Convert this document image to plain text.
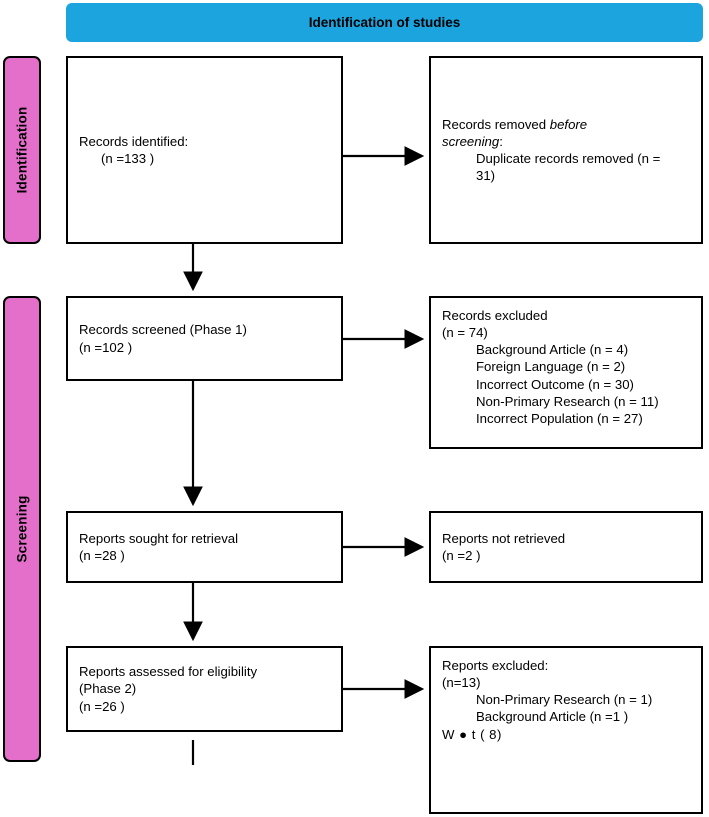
Identification of studies
Identification
Screening
Records identified:
(n =133 )
Records removed before
screening:
Duplicate records removed (n =
31)
Records screened (Phase 1)
(n =102 )
Records excluded
(n = 74)
Background Article (n = 4)
Foreign Language (n = 2)
Incorrect Outcome (n = 30)
Non-Primary Research (n = 11)
Incorrect Population (n = 27)
Reports sought for retrieval
(n =28 )
Reports not retrieved
(n =2 )
Reports assessed for eligibility
(Phase 2)
(n =26 )
Reports excluded:
(n=13)
Non-Primary Research (n = 1)
Background Article (n =1 )
W ● t ( 8)
